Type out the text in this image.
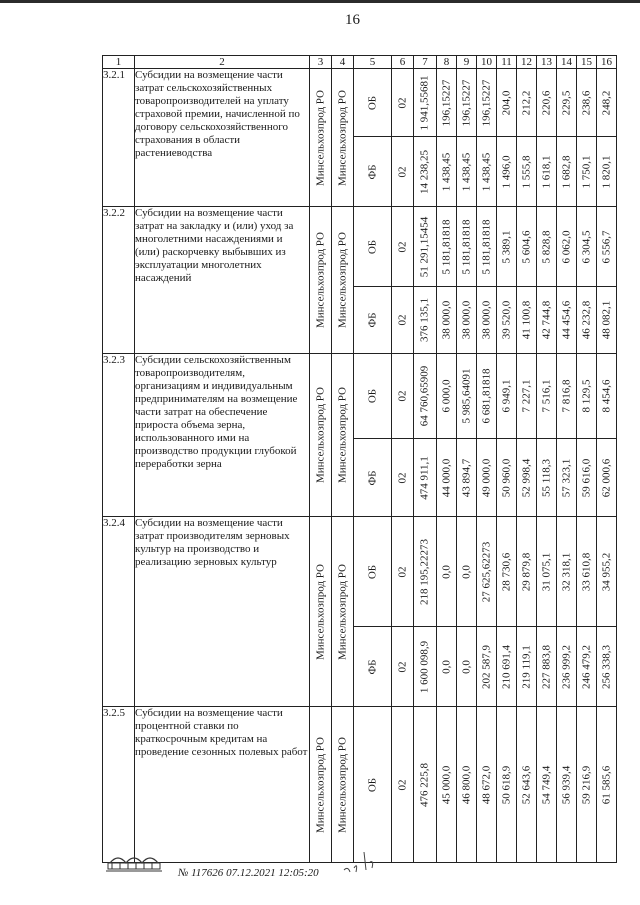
16
1	2	3	4	5	6	7	8	9	10	11	12	13	14	15	16
3.2.1	Субсидии на возмещение части затрат сельскохозяйственных товаропроизводителей на уплату страховой премии, начисленной по договору сельскохозяйственного страхования в области растениеводства	Минсельхозпрод РО	Минсельхозпрод РО	ОБ	02	1 941,55681	196,15227	196,15227	196,15227	204,0	212,2	220,6	229,5	238,6	248,2

				ФБ	02	14 238,25	1 438,45	1 438,45	1 438,45	1 496,0	1 555,8	1 618,1	1 682,8	1 750,1	1 820,1

3.2.2	Субсидии на возмещение части затрат на закладку и (или) уход за многолетними насаждениями и (или) раскорчевку выбывших из эксплуатации многолетних насаждений	Минсельхозпрод РО	Минсельхозпрод РО	ОБ	02	51 291,15454	5 181,81818	5 181,81818	5 181,81818	5 389,1	5 604,6	5 828,8	6 062,0	6 304,5	6 556,7

				ФБ	02	376 135,1	38 000,0	38 000,0	38 000,0	39 520,0	41 100,8	42 744,8	44 454,6	46 232,8	48 082,1

3.2.3	Субсидии сельскохозяйственным товаропроизводителям, организациям и индивидуальным предпринимателям на возмещение части затрат на обеспечение прироста объема зерна, использованного ими на производство продукции глубокой переработки зерна	Минсельхозпрод РО	Минсельхозпрод РО	ОБ	02	64 760,65909	6 000,0	5 985,64091	6 681,81818	6 949,1	7 227,1	7 516,1	7 816,8	8 129,5	8 454,6

				ФБ	02	474 911,1	44 000,0	43 894,7	49 000,0	50 960,0	52 998,4	55 118,3	57 323,1	59 616,0	62 000,6

3.2.4	Субсидии на возмещение части затрат производителям зерновых культур на производство и реализацию зерновых культур	Минсельхозпрод РО	Минсельхозпрод РО	ОБ	02	218 195,22273	0,0	0,0	27 625,62273	28 730,6	29 879,8	31 075,1	32 318,1	33 610,8	34 955,2

				ФБ	02	1 600 098,9	0,0	0,0	202 587,9	210 691,4	219 119,1	227 883,8	236 999,2	246 479,2	256 338,3

3.2.5	Субсидии на возмещение части процентной ставки по краткосрочным кредитам на проведение сезонных полевых работ	Минсельхозпрод РО	Минсельхозпрод РО	ОБ	02	476 225,8	45 000,0	46 800,0	48 672,0	50 618,9	52 643,6	54 749,4	56 939,4	59 216,9	61 585,6
№ 117626 07.12.2021 12:05:20
